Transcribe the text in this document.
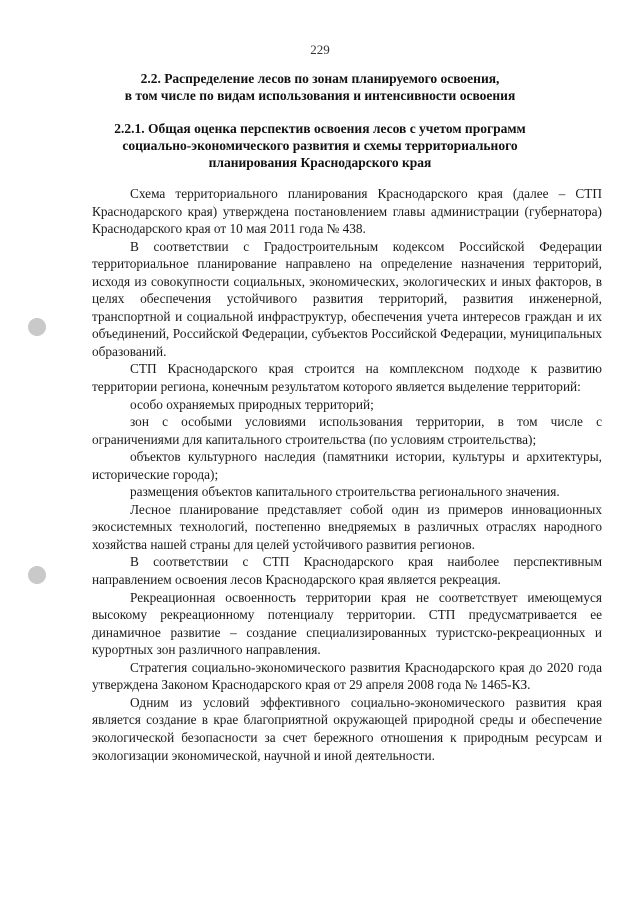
229
2.2. Распределение лесов по зонам планируемого освоения,
в том числе по видам использования и интенсивности освоения
2.2.1. Общая оценка перспектив освоения лесов с учетом программ
социально-экономического развития и схемы территориального
планирования Краснодарского края

Схема территориального планирования Краснодарского края (далее – СТП Краснодарского края) утверждена постановлением главы администрации (губернатора) Краснодарского края от 10 мая 2011 года № 438.

В соответствии с Градостроительным кодексом Российской Федерации территориальное планирование направлено на определение назначения территорий, исходя из совокупности социальных, экономических, экологических и иных факторов, в целях обеспечения устойчивого развития территорий, развития инженерной, транспортной и социальной инфраструктур, обеспечения учета интересов граждан и их объединений, Российской Федерации, субъектов Российской Федерации, муниципальных образований.

СТП Краснодарского края строится на комплексном подходе к развитию территории региона, конечным результатом которого является выделение территорий:

особо охраняемых природных территорий;

зон с особыми условиями использования территории, в том числе с ограничениями для капитального строительства (по условиям строительства);

объектов культурного наследия (памятники истории, культуры и архитектуры, исторические города);

размещения объектов капитального строительства регионального значения.

Лесное планирование представляет собой один из примеров инновационных экосистемных технологий, постепенно внедряемых в различных отраслях народного хозяйства нашей страны для целей устойчивого развития регионов.

В соответствии с СТП Краснодарского края наиболее перспективным направлением освоения лесов Краснодарского края является рекреация.

Рекреационная освоенность территории края не соответствует имеющемуся высокому рекреационному потенциалу территории. СТП предусматривается ее динамичное развитие – создание специализированных туристско-рекреационных и курортных зон различного направления.

Стратегия социально-экономического развития Краснодарского края до 2020 года утверждена Законом Краснодарского края от 29 апреля 2008 года № 1465-КЗ.

Одним из условий эффективного социально-экономического развития края является создание в крае благоприятной окружающей природной среды и обеспечение экологической безопасности за счет бережного отношения к природным ресурсам и экологизации экономической, научной и иной деятельности.
